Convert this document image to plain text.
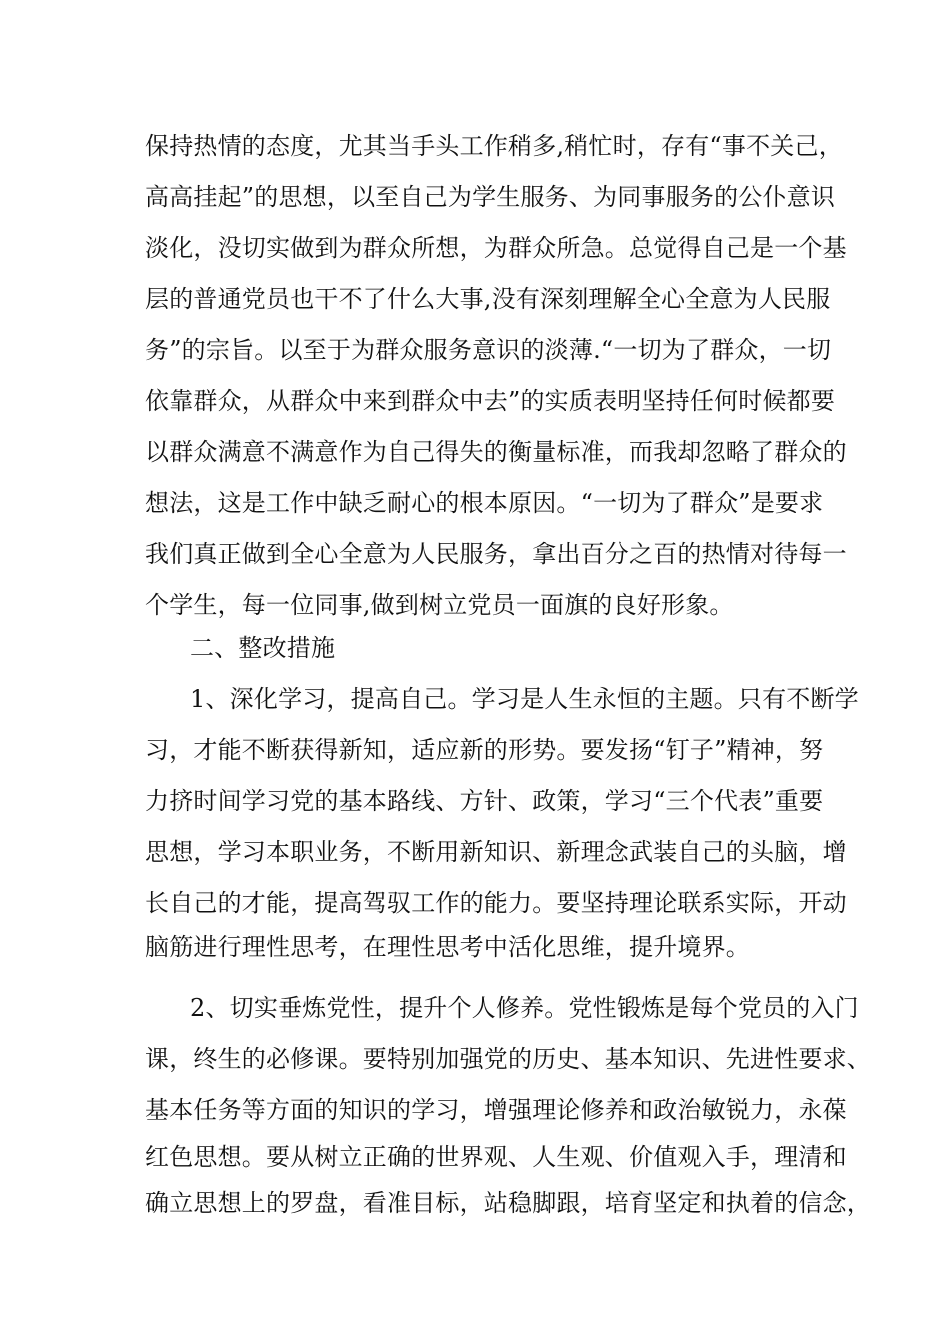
保持热情的态度，尤其当手头工作稍多,稍忙时，存有“事不关己，
高高挂起”的思想，以至自己为学生服务、为同事服务的公仆意识
淡化，没切实做到为群众所想，为群众所急。总觉得自己是一个基
层的普通党员也干不了什么大事,没有深刻理解全心全意为人民服
务”的宗旨。以至于为群众服务意识的淡薄.“一切为了群众，一切
依靠群众，从群众中来到群众中去”的实质表明坚持任何时候都要
以群众满意不满意作为自己得失的衡量标准，而我却忽略了群众的
想法，这是工作中缺乏耐心的根本原因。“一切为了群众”是要求
我们真正做到全心全意为人民服务，拿出百分之百的热情对待每一
个学生，每一位同事,做到树立党员一面旗的良好形象。
二、整改措施
1、深化学习，提高自己。学习是人生永恒的主题。只有不断学
习，才能不断获得新知，适应新的形势。要发扬“钉子”精神，努
力挤时间学习党的基本路线、方针、政策，学习“三个代表”重要
思想，学习本职业务，不断用新知识、新理念武装自己的头脑，增
长自己的才能，提高驾驭工作的能力。要坚持理论联系实际，开动
脑筋进行理性思考，在理性思考中活化思维，提升境界。
2、切实垂炼党性，提升个人修养。党性锻炼是每个党员的入门
课，终生的必修课。要特别加强党的历史、基本知识、先进性要求、
基本任务等方面的知识的学习，增强理论修养和政治敏锐力，永葆
红色思想。要从树立正确的世界观、人生观、价值观入手，理清和
确立思想上的罗盘，看准目标，站稳脚跟，培育坚定和执着的信念，
